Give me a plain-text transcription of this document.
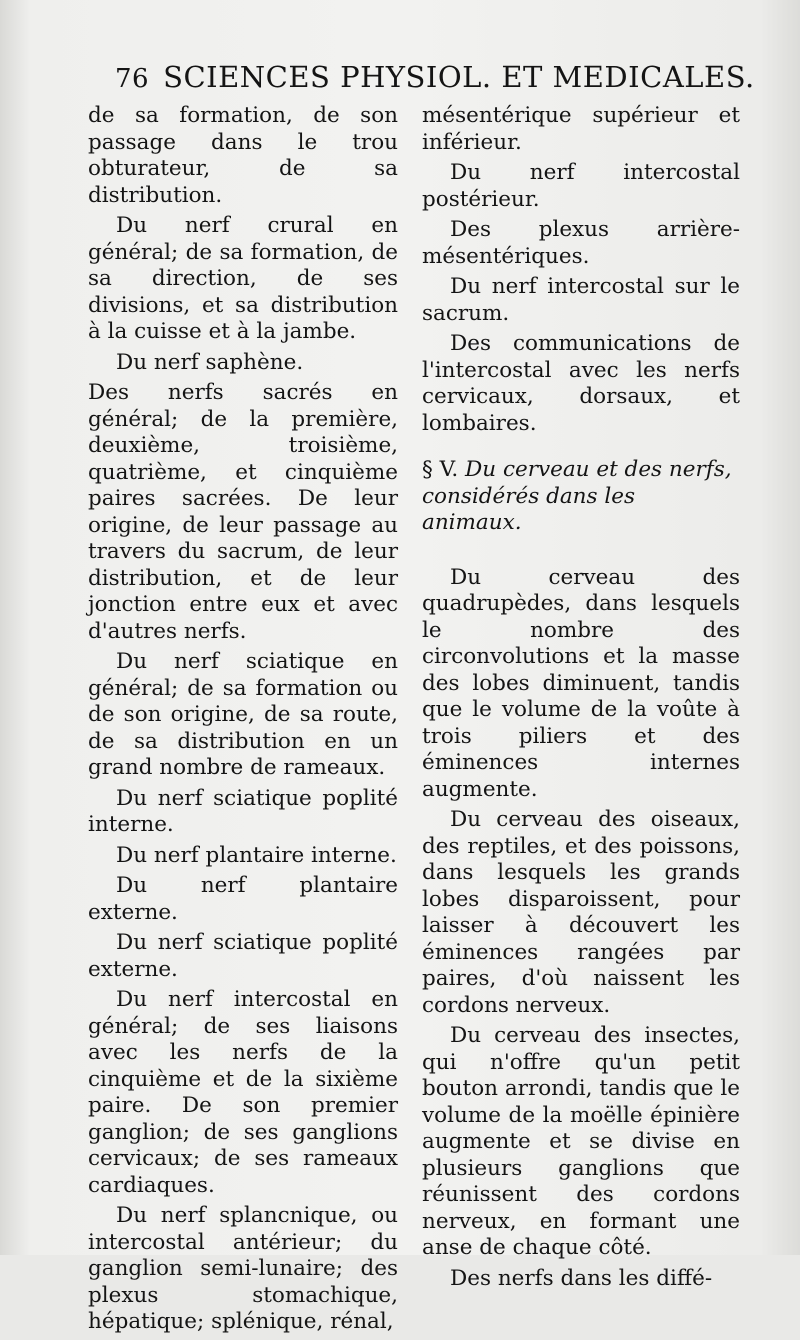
76 SCIENCES PHYSIOL. ET MEDICALES.

de sa formation, de son passage dans le trou obturateur, de sa distribution.

Du nerf crural en général; de sa formation, de sa direction, de ses divisions, et sa distribution à la cuisse et à la jambe.

Du nerf saphène.

Des nerfs sacrés en général; de la première, deuxième, troisième, quatrième, et cinquième paires sacrées. De leur origine, de leur passage au travers du sacrum, de leur distribution, et de leur jonction entre eux et avec d'autres nerfs.

Du nerf sciatique en général; de sa formation ou de son origine, de sa route, de sa distribution en un grand nombre de rameaux.

Du nerf sciatique poplité interne.

Du nerf plantaire interne.

Du nerf plantaire externe.

Du nerf sciatique poplité externe.

Du nerf intercostal en général; de ses liaisons avec les nerfs de la cinquième et de la sixième paire. De son premier ganglion; de ses ganglions cervicaux; de ses rameaux cardiaques.

Du nerf splancnique, ou intercostal antérieur; du ganglion semi-lunaire; des plexus stomachique, hépatique; splénique, rénal,

mésentérique supérieur et inférieur.

Du nerf intercostal postérieur.

Des plexus arrière-mésentériques.

Du nerf intercostal sur le sacrum.

Des communications de l'intercostal avec les nerfs cervicaux, dorsaux, et lombaires.

§ V. Du cerveau et des nerfs, considérés dans les animaux.

Du cerveau des quadrupèdes, dans lesquels le nombre des circonvolutions et la masse des lobes diminuent, tandis que le volume de la voûte à trois piliers et des éminences internes augmente.

Du cerveau des oiseaux, des reptiles, et des poissons, dans lesquels les grands lobes disparoissent, pour laisser à découvert les éminences rangées par paires, d'où naissent les cordons nerveux.

Du cerveau des insectes, qui n'offre qu'un petit bouton arrondi, tandis que le volume de la moëlle épinière augmente et se divise en plusieurs ganglions que réunissent des cordons nerveux, en formant une anse de chaque côté.

Des nerfs dans les diffé-
